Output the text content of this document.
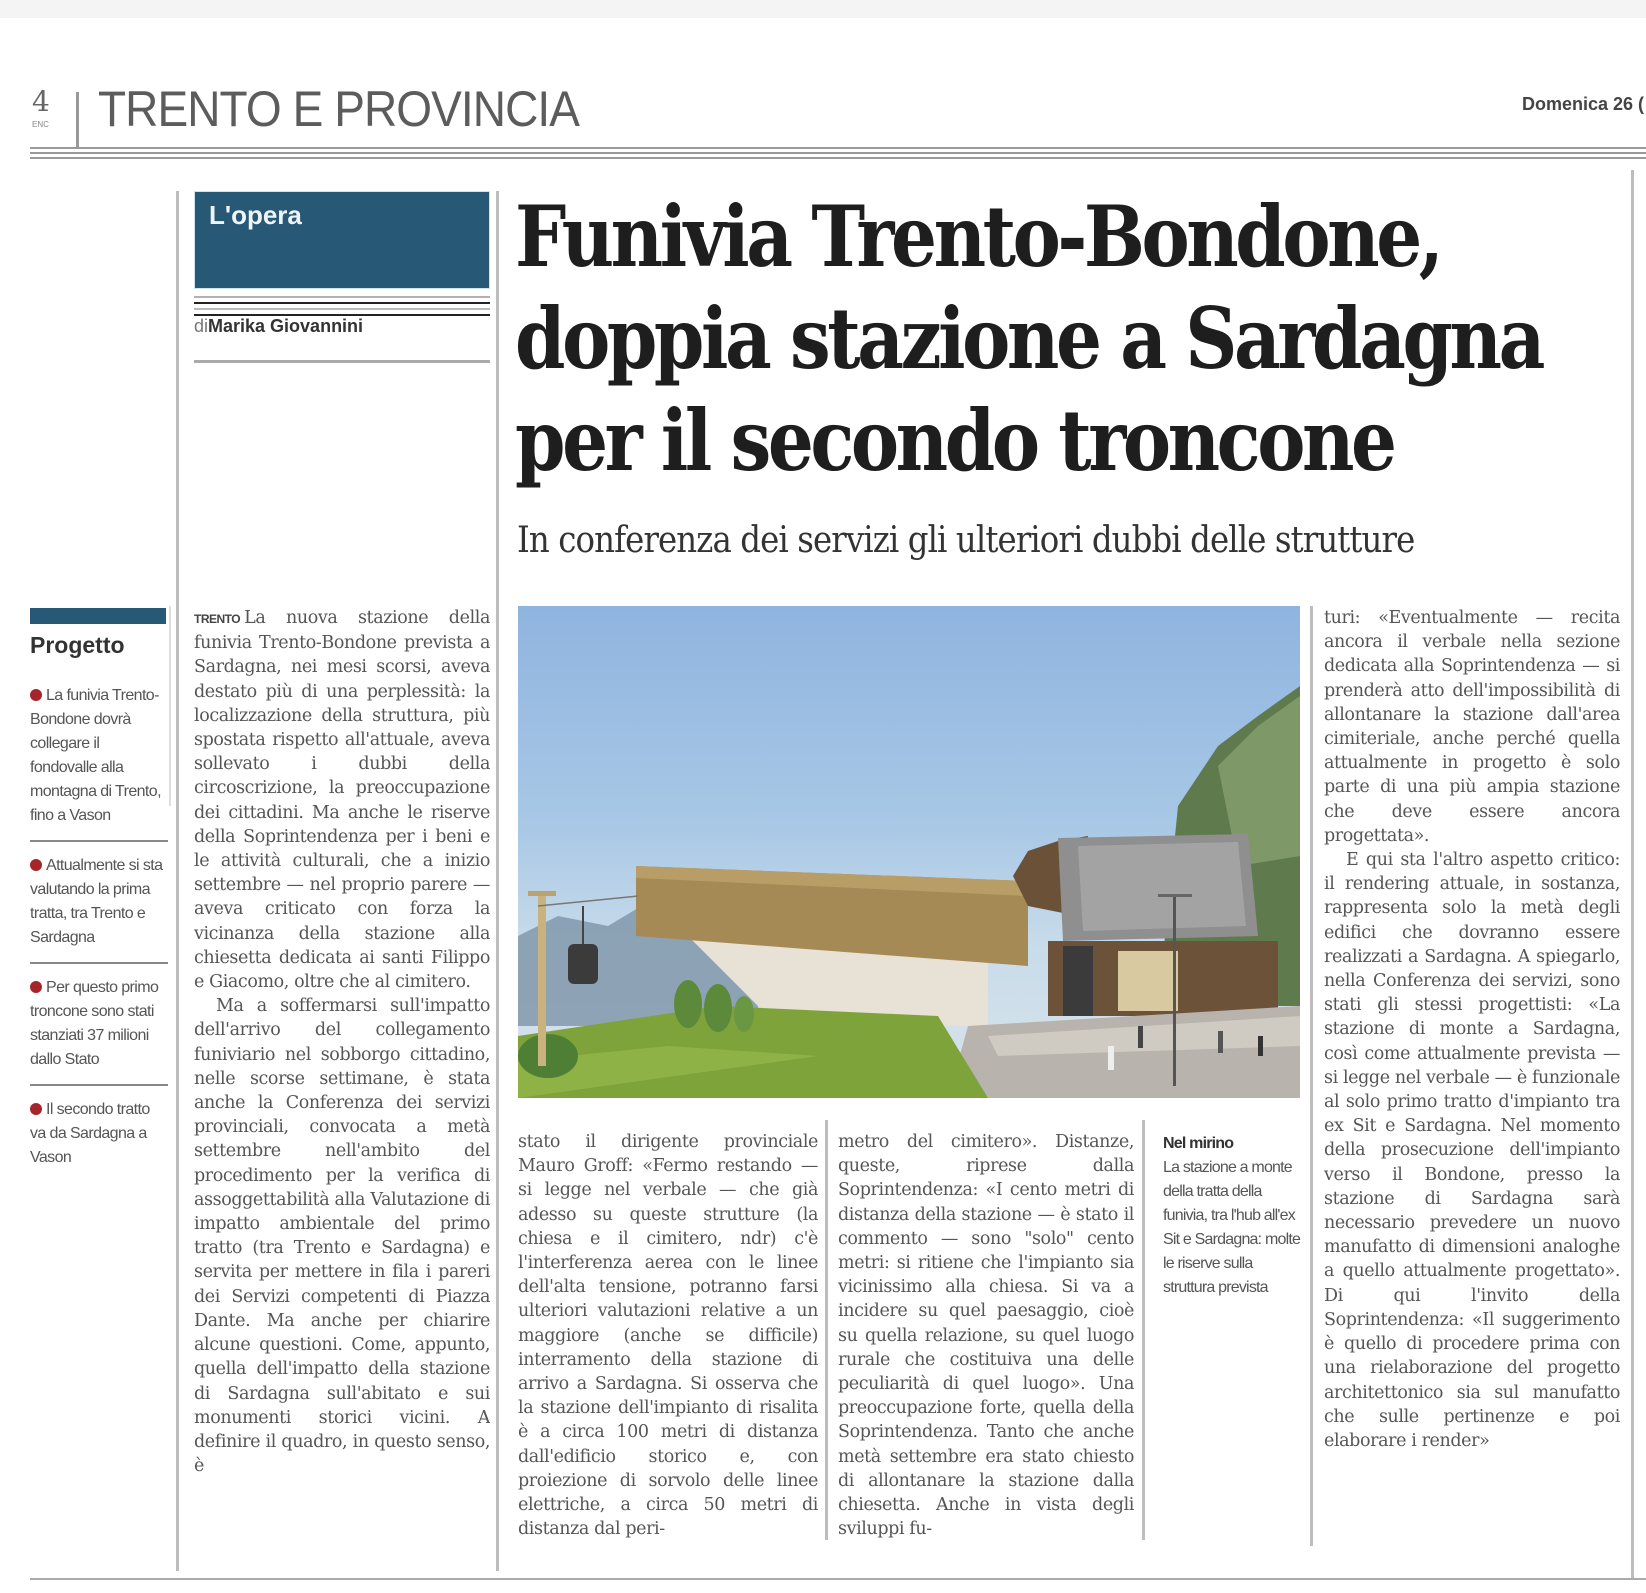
4
ENC TRENTO E PROVINCIA	Domenica 26 (
L'opera
diMarika Giovannini
Funivia Trento-Bondone,
doppia stazione a Sardagna
per il secondo troncone
In conferenza dei servizi gli ulteriori dubbi delle strutture
Progetto
La funivia Trento-Bondone dovrà collegare il fondovalle alla montagna di Trento, fino a Vason
Attualmente si sta valutando la prima tratta, tra Trento e Sardagna
Per questo primo troncone sono stati stanziati 37 milioni dallo Stato
Il secondo tratto va da Sardagna a Vason

TRENTO La nuova stazione della funivia Trento-Bondone prevista a Sardagna, nei mesi scorsi, aveva destato più di una perplessità: la localizzazione della struttura, più spostata rispetto all'attuale, aveva sollevato i dubbi della circoscrizione, la preoccupazione dei cittadini. Ma anche le riserve della Soprintendenza per i beni e le attività culturali, che a inizio settembre — nel proprio parere — aveva criticato con forza la vicinanza della stazione alla chiesetta dedicata ai santi Filippo e Giacomo, oltre che al cimitero.

Ma a soffermarsi sull'impatto dell'arrivo del collegamento funiviario nel sobborgo cittadino, nelle scorse settimane, è stata anche la Conferenza dei servizi provinciali, convocata a metà settembre nell'ambito del procedimento per la verifica di assoggettabilità alla Valutazione di impatto ambientale del primo tratto (tra Trento e Sardagna) e servita per mettere in fila i pareri dei Servizi competenti di Piazza Dante. Ma anche per chiarire alcune questioni. Come, appunto, quella dell'impatto della stazione di Sardagna sull'abitato e sui monumenti storici vicini. A definire il quadro, in questo senso, è

stato il dirigente provinciale Mauro Groff: «Fermo restando — si legge nel verbale — che già adesso su queste strutture (la chiesa e il cimitero, ndr) c'è l'interferenza aerea con le linee dell'alta tensione, potranno farsi ulteriori valutazioni relative a un maggiore (anche se difficile) interramento della stazione di arrivo a Sardagna. Si osserva che la stazione dell'impianto di risalita è a circa 100 metri di distanza dall'edificio storico e, con proiezione di sorvolo delle linee elettriche, a circa 50 metri di distanza dal peri-

metro del cimitero». Distanze, queste, riprese dalla Soprintendenza: «I cento metri di distanza della stazione — è stato il commento — sono "solo" cento metri: si ritiene che l'impianto sia vicinissimo alla chiesa. Si va a incidere su quel paesaggio, cioè su quella relazione, su quel luogo rurale che costituiva una delle peculiarità di quel luogo». Una preoccupazione forte, quella della Soprintendenza. Tanto che anche metà settembre era stato chiesto di allontanare la stazione dalla chiesetta. Anche in vista degli sviluppi fu-

Nel mirino
La stazione a monte della tratta della funivia, tra l'hub all'ex Sit e Sardagna: molte le riserve sulla struttura prevista

turi: «Eventualmente — recita ancora il verbale nella sezione dedicata alla Soprintendenza — si prenderà atto dell'impossibilità di allontanare la stazione dall'area cimiteriale, anche perché quella attualmente in progetto è solo parte di una più ampia stazione che deve essere ancora progettata».

E qui sta l'altro aspetto critico: il rendering attuale, in sostanza, rappresenta solo la metà degli edifici che dovranno essere realizzati a Sardagna. A spiegarlo, nella Conferenza dei servizi, sono stati gli stessi progettisti: «La stazione di monte a Sardagna, così come attualmente prevista — si legge nel verbale — è funzionale al solo primo tratto d'impianto tra ex Sit e Sardagna. Nel momento della prosecuzione dell'impianto verso il Bondone, presso la stazione di Sardagna sarà necessario prevedere un nuovo manufatto di dimensioni analoghe a quello attualmente progettato». Di qui l'invito della Soprintendenza: «Il suggerimento è quello di procedere prima con una rielaborazione del progetto architettonico sia sul manufatto che sulle pertinenze e poi elaborare i render»
